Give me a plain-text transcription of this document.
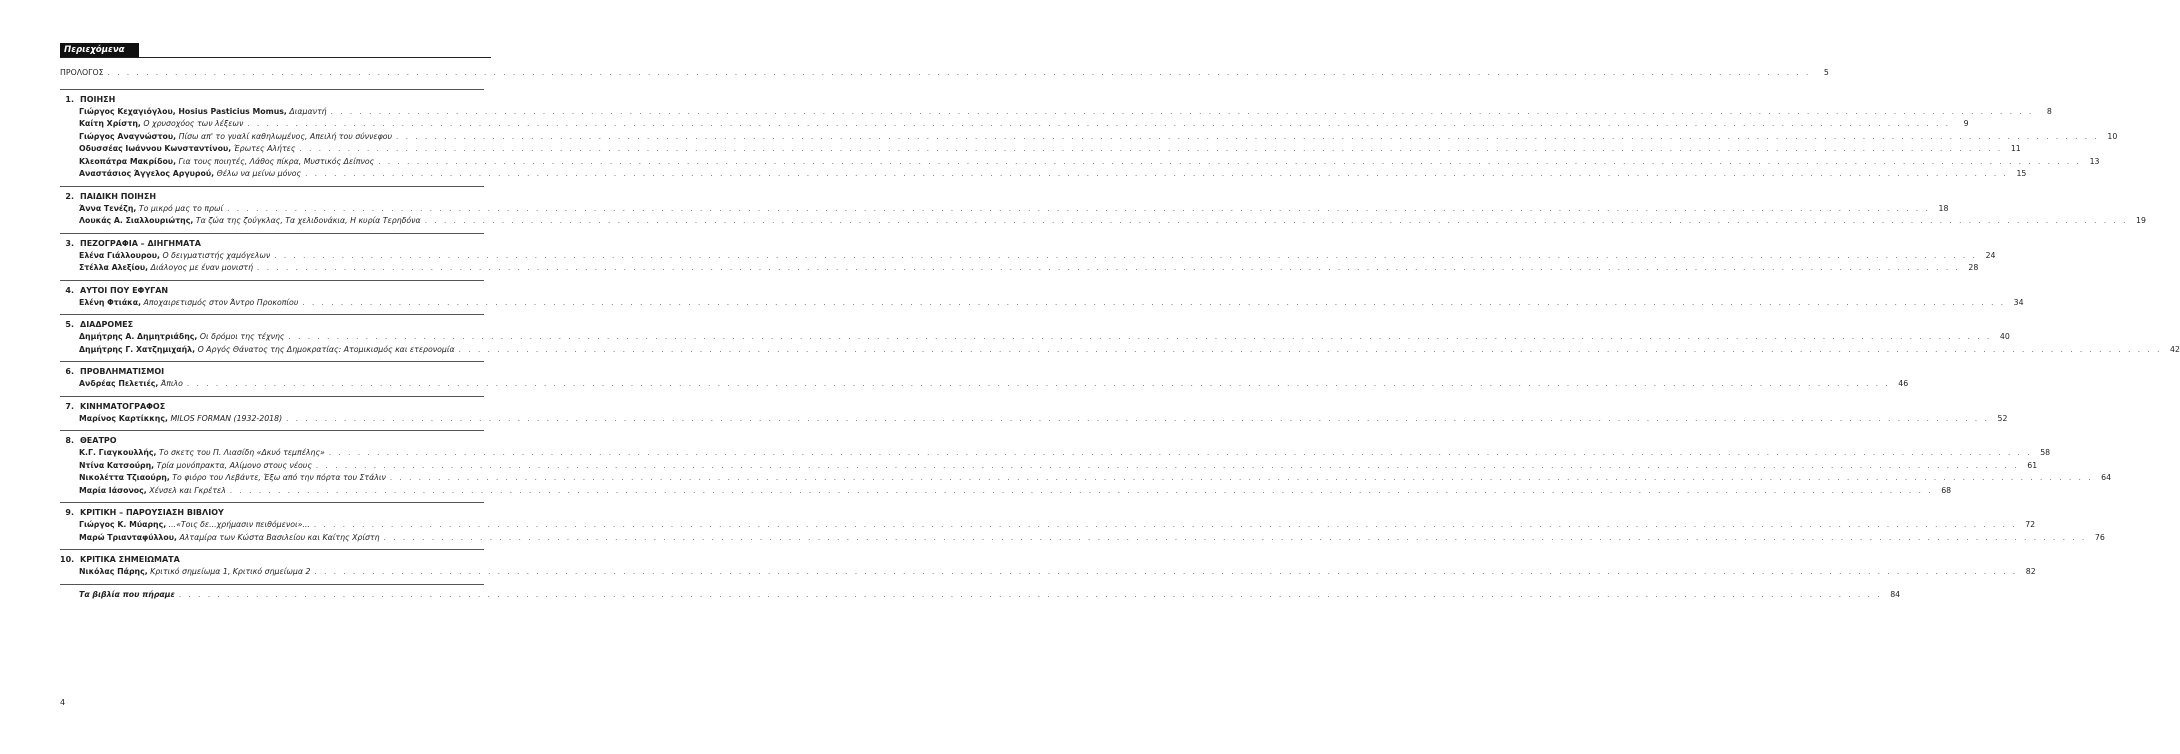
Περιεχόμενα
ΠΡΟΛΟΓΟΣ . . .	5
1. ΠΟΙΗΣΗ
Γιώργος Κεχαγιόγλου, Hosius Pasticius Momus, Διαμαντή . . .	8
Καίτη Χρίστη, Ο χρυσοχόος των λέξεων . . .	9
Γιώργος Αναγνώστου, Πίσω απ' το γυαλί καθηλωμένος, Απειλή του σύννεφου . . .	10
Οδυσσέας Ιωάννου Κωνσταντίνου, Έρωτες Αλήτες . . .	11
Κλεοπάτρα Μακρίδου, Για τους ποιητές, Λάθος πίκρα, Μυστικός Δείπνος . . .	13
Αναστάσιος Άγγελος Αργυρού, Θέλω να μείνω μόνος . . .	15
2. ΠΑΙΔΙΚΗ ΠΟΙΗΣΗ
Άννα Τενέζη, Το μικρό μας το πρωί . . .	18
Λουκάς Α. Σιαλλουριώτης, Τα ζώα της ζούγκλας, Τα χελιδονάκια, Η κυρία Τερηδόνα . . .	19
3. ΠΕΖΟΓΡΑΦΙΑ – ΔΙΗΓΗΜΑΤΑ
Ελένα Γιάλλουρου, Ο δειγματιστής χαμόγελων . . .	24
Στέλλα Αλεξίου, Διάλογος με έναν μονιστή . . .	28
4. ΑΥΤΟΙ ΠΟΥ ΕΦΥΓΑΝ
Ελένη Φτιάκα, Αποχαιρετισμός στον Άντρο Προκοπίου . . .	34
5. ΔΙΑΔΡΟΜΕΣ
Δημήτρης Α. Δημητριάδης, Οι δρόμοι της τέχνης . . .	40
Δημήτρης Γ. Χατζημιχαήλ, Ο Αργός Θάνατος της Δημοκρατίας: Ατομικισμός και ετερονομία . . .	42
6. ΠΡΟΒΛΗΜΑΤΙΣΜΟΙ
Ανδρέας Πελετιές, Άπιλο . . .	46
7. ΚΙΝΗΜΑΤΟΓΡΑΦΟΣ
Μαρίνος Καρτίκκης, MILOS FORMAN (1932-2018) . . .	52
8. ΘΕΑΤΡΟ
Κ.Γ. Γιαγκουλλής, Το σκετς του Π. Λιασίδη «Δκυό τεμπέλης» . . .	58
Ντίνα Κατσούρη, Τρία μονόπρακτα, Αλίμονο στους νέους . . .	61
Νικολέττα Τζιαούρη, Το φιόρο του Λεβάντε, Έξω από την πόρτα του Στάλιν . . .	64
Μαρία Ιάσονος, Χένσελ και Γκρέτελ . . .	68
9. ΚΡΙΤΙΚΗ – ΠΑΡΟΥΣΙΑΣΗ ΒΙΒΛΙΟΥ
Γιώργος Κ. Μύαρης, ...«Τοις δε...χρήμασιν πειθόμενοι»... . . .	72
Μαρώ Τριανταφύλλου, Αλταμίρα των Κώστα Βασιλείου και Καίτης Χρίστη . . .	76
10. ΚΡΙΤΙΚΑ ΣΗΜΕΙΩΜΑΤΑ
Νικόλας Πάρης, Κριτικό σημείωμα 1, Κριτικό σημείωμα 2 . . .	82
Τα βιβλία που πήραμε . . .	84
4
